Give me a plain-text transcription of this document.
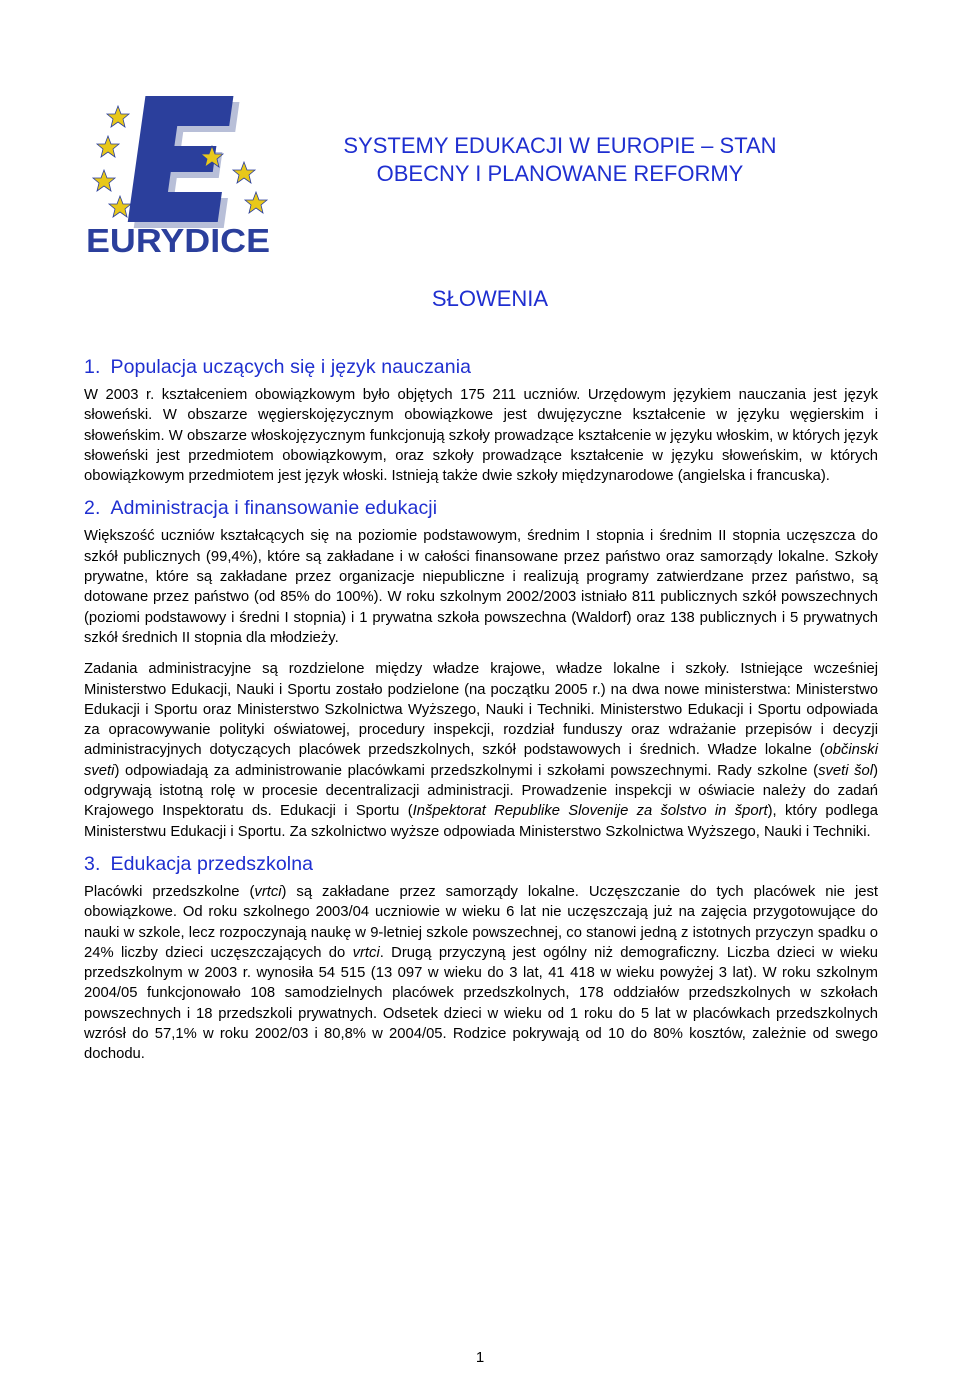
EURYDICE
SYSTEMY EDUKACJI W EUROPIE – STAN
OBECNY I PLANOWANE REFORMY
SŁOWENIA
1. Populacja uczących się i język nauczania

W 2003 r. kształceniem obowiązkowym było objętych 175 211 uczniów. Urzędowym językiem nauczania jest język słoweński. W obszarze węgierskojęzycznym obowiązkowe jest dwujęzyczne kształcenie w języku węgierskim i słoweńskim. W obszarze włoskojęzycznym funkcjonują szkoły prowadzące kształcenie w języku włoskim, w których język słoweński jest przedmiotem obowiązkowym, oraz szkoły prowadzące kształcenie w języku słoweńskim, w których obowiązkowym przedmiotem jest język włoski. Istnieją także dwie szkoły międzynarodowe (angielska i francuska).

2. Administracja i finansowanie edukacji

Większość uczniów kształcących się na poziomie podstawowym, średnim I stopnia i średnim II stopnia uczęszcza do szkół publicznych (99,4%), które są zakładane i w całości finansowane przez państwo oraz samorządy lokalne. Szkoły prywatne, które są zakładane przez organizacje niepubliczne i realizują programy zatwierdzane przez państwo, są dotowane przez państwo (od 85% do 100%). W roku szkolnym 2002/2003 istniało 811 publicznych szkół powszechnych (poziomi podstawowy i średni I stopnia) i 1 prywatna szkoła powszechna (Waldorf) oraz 138 publicznych i 5 prywatnych szkół średnich II stopnia dla młodzieży.

Zadania administracyjne są rozdzielone między władze krajowe, władze lokalne i szkoły. Istniejące wcześniej Ministerstwo Edukacji, Nauki i Sportu zostało podzielone (na początku 2005 r.) na dwa nowe ministerstwa: Ministerstwo Edukacji i Sportu oraz Ministerstwo Szkolnictwa Wyższego, Nauki i Techniki. Ministerstwo Edukacji i Sportu odpowiada za opracowywanie polityki oświatowej, procedury inspekcji, rozdział funduszy oraz wdrażanie przepisów i decyzji administracyjnych dotyczących placówek przedszkolnych, szkół podstawowych i średnich. Władze lokalne (občinski sveti) odpowiadają za administrowanie placówkami przedszkolnymi i szkołami powszechnymi. Rady szkolne (sveti šol) odgrywają istotną rolę w procesie decentralizacji administracji. Prowadzenie inspekcji w oświacie należy do zadań Krajowego Inspektoratu ds. Edukacji i Sportu (Inšpektorat Republike Slovenije za šolstvo in šport), który podlega Ministerstwu Edukacji i Sportu. Za szkolnictwo wyższe odpowiada Ministerstwo Szkolnictwa Wyższego, Nauki i Techniki.

3. Edukacja przedszkolna

Placówki przedszkolne (vrtci) są zakładane przez samorządy lokalne. Uczęszczanie do tych placówek nie jest obowiązkowe. Od roku szkolnego 2003/04 uczniowie w wieku 6 lat nie uczęszczają już na zajęcia przygotowujące do nauki w szkole, lecz rozpoczynają naukę w 9-letniej szkole powszechnej, co stanowi jedną z istotnych przyczyn spadku o 24% liczby dzieci uczęszczających do vrtci. Drugą przyczyną jest ogólny niż demograficzny. Liczba dzieci w wieku przedszkolnym w 2003 r. wynosiła 54 515 (13 097 w wieku do 3 lat, 41 418 w wieku powyżej 3 lat). W roku szkolnym 2004/05 funkcjonowało 108 samodzielnych placówek przedszkolnych, 178 oddziałów przedszkolnych w szkołach powszechnych i 18 przedszkoli prywatnych. Odsetek dzieci w wieku od 1 roku do 5 lat w placówkach przedszkolnych wzrósł do 57,1% w roku 2002/03 i 80,8% w 2004/05. Rodzice pokrywają od 10 do 80% kosztów, zależnie od swego dochodu.

1
